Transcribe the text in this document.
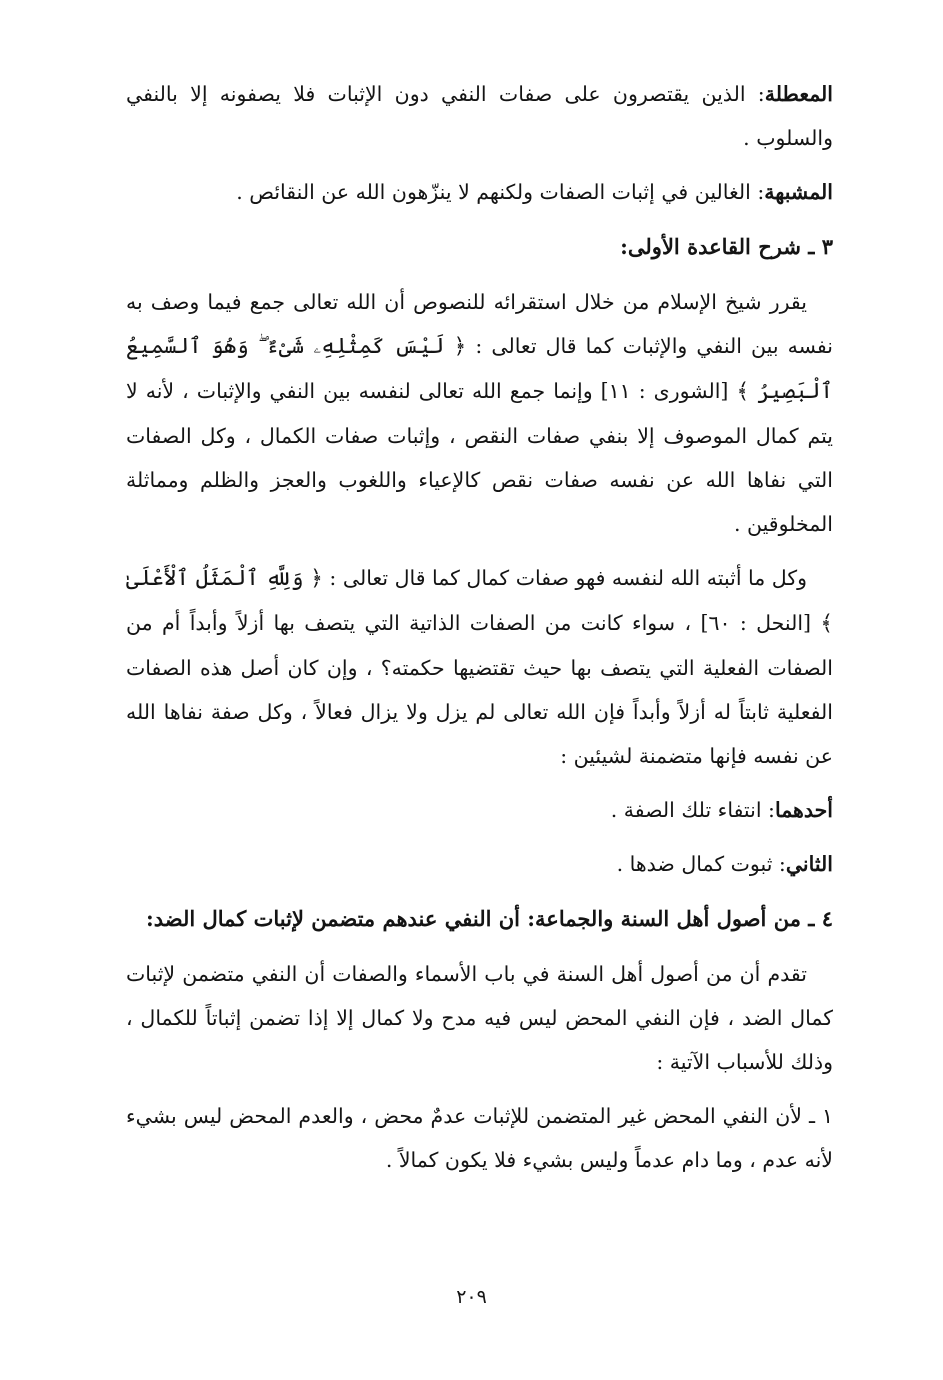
المعطلة: الذين يقتصرون على صفات النفي دون الإثبات فلا يصفونه إلا بالنفي والسلوب .

المشبهة: الغالين في إثبات الصفات ولكنهم لا ينزّهون الله عن النقائص .

٣ ـ شرح القاعدة الأولى:

يقرر شيخ الإسلام من خلال استقرائه للنصوص أن الله تعالى جمع فيما وصف به نفسه بين النفي والإثبات كما قال تعالى : ﴿ لَيْسَ كَمِثْلِهِۦ شَىْءٌ ۖ وَهُوَ ٱلسَّمِيعُ ٱلْبَصِيرُ ﴾ [الشورى : ١١] وإنما جمع الله تعالى لنفسه بين النفي والإثبات ، لأنه لا يتم كمال الموصوف إلا بنفي صفات النقص ، وإثبات صفات الكمال ، وكل الصفات التي نفاها الله عن نفسه صفات نقص كالإعياء واللغوب والعجز والظلم ومماثلة المخلوقين .

وكل ما أثبته الله لنفسه فهو صفات كمال كما قال تعالى : ﴿ وَلِلَّهِ ٱلْمَثَلُ ٱلْأَعْلَىٰ ﴾ [النحل : ٦٠] ، سواء كانت من الصفات الذاتية التي يتصف بها أزلاً وأبداً أم من الصفات الفعلية التي يتصف بها حيث تقتضيها حكمته؟ ، وإن كان أصل هذه الصفات الفعلية ثابتاً له أزلاً وأبداً فإن الله تعالى لم يزل ولا يزال فعالاً ، وكل صفة نفاها الله عن نفسه فإنها متضمنة لشيئين :

أحدهما: انتفاء تلك الصفة .

الثاني: ثبوت كمال ضدها .

٤ ـ من أصول أهل السنة والجماعة: أن النفي عندهم متضمن لإثبات كمال الضد:

تقدم أن من أصول أهل السنة في باب الأسماء والصفات أن النفي متضمن لإثبات كمال الضد ، فإن النفي المحض ليس فيه مدح ولا كمال إلا إذا تضمن إثباتاً للكمال ، وذلك للأسباب الآتية :

١ ـ لأن النفي المحض غير المتضمن للإثبات عدمٌ محض ، والعدم المحض ليس بشيء لأنه عدم ، وما دام عدماً وليس بشيء فلا يكون كمالاً .

٢٠٩
